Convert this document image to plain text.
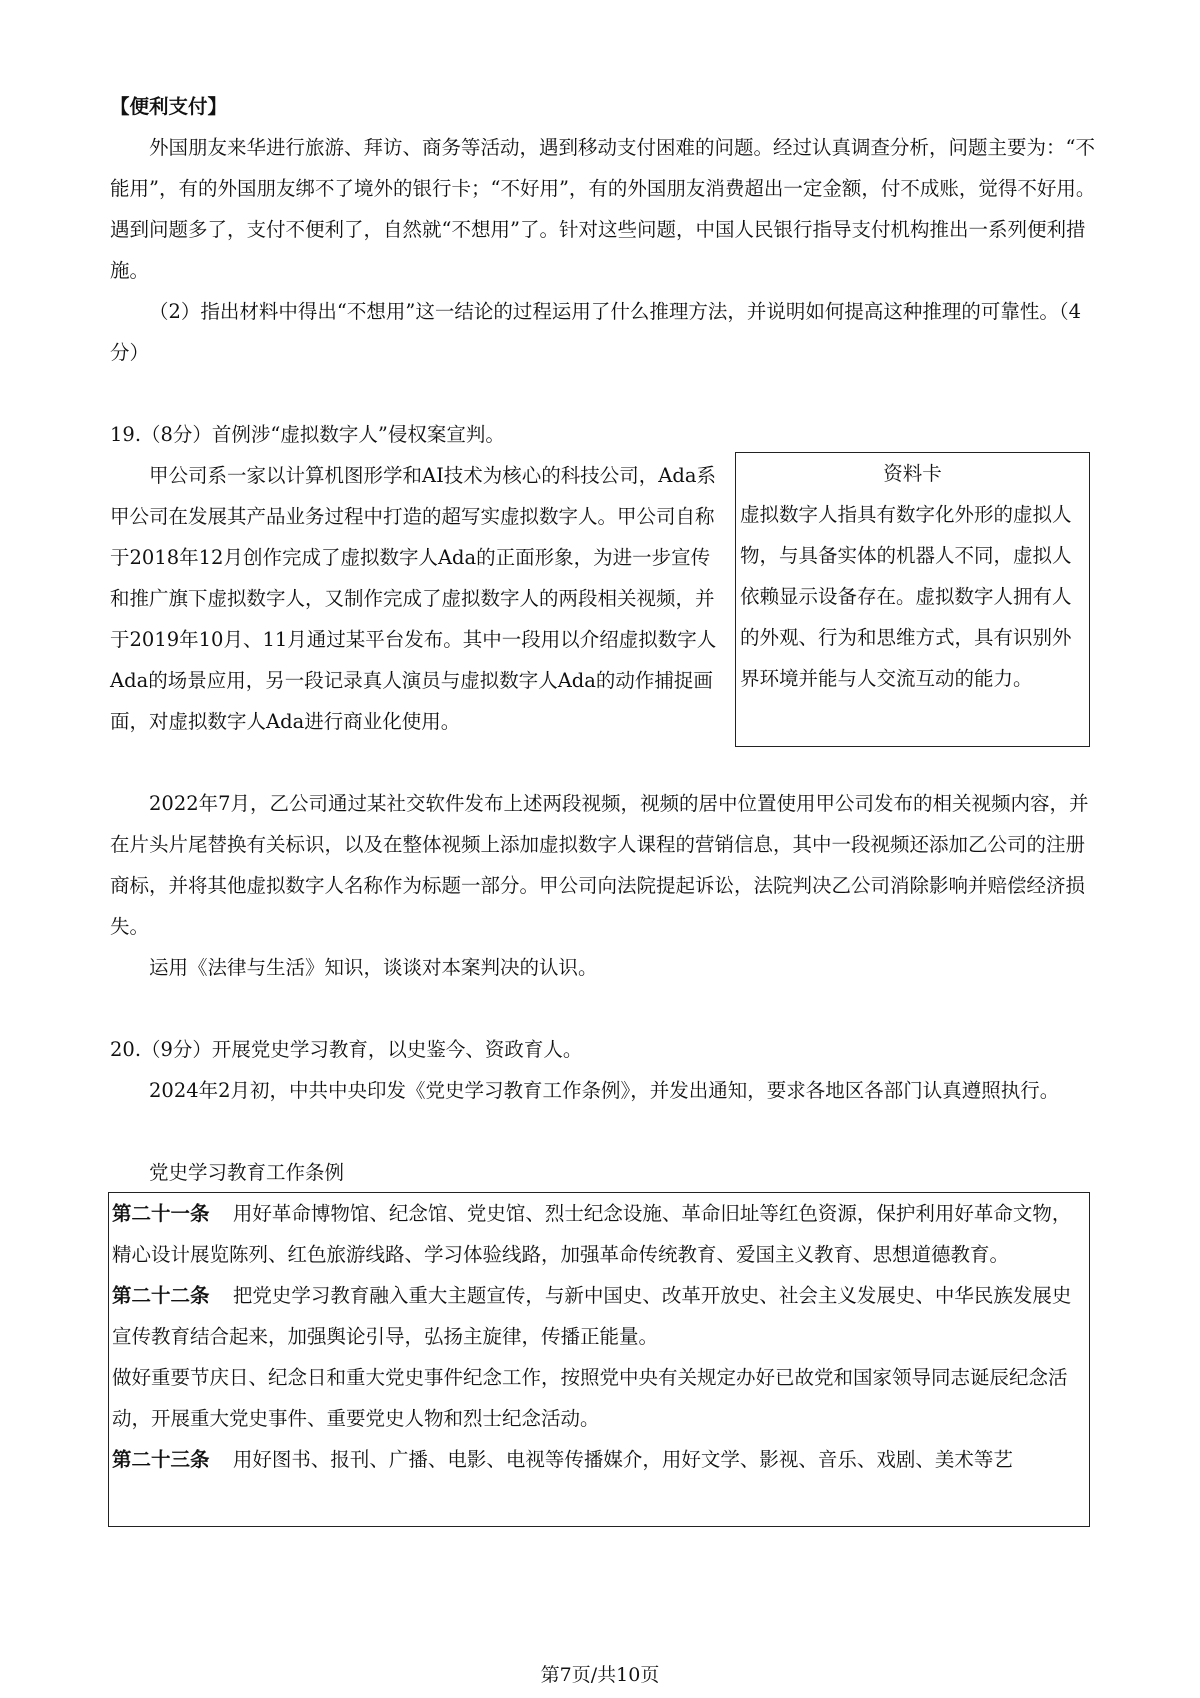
【便利支付】

外国朋友来华进行旅游、拜访、商务等活动，遇到移动支付困难的问题。经过认真调查分析，问题主要为：“不能用”，有的外国朋友绑不了境外的银行卡；“不好用”，有的外国朋友消费超出一定金额，付不成账，觉得不好用。遇到问题多了，支付不便利了，自然就“不想用”了。针对这些问题，中国人民银行指导支付机构推出一系列便利措施。

（2）指出材料中得出“不想用”这一结论的过程运用了什么推理方法，并说明如何提高这种推理的可靠性。（4分）

19.（8分）首例涉“虚拟数字人”侵权案宣判。

甲公司系一家以计算机图形学和AI技术为核心的科技公司，Ada系甲公司在发展其产品业务过程中打造的超写实虚拟数字人。甲公司自称于2018年12月创作完成了虚拟数字人Ada的正面形象，为进一步宣传和推广旗下虚拟数字人，又制作完成了虚拟数字人的两段相关视频，并于2019年10月、11月通过某平台发布。其中一段用以介绍虚拟数字人Ada的场景应用，另一段记录真人演员与虚拟数字人Ada的动作捕捉画面，对虚拟数字人Ada进行商业化使用。

资料卡
虚拟数字人指具有数字化外形的虚拟人物，与具备实体的机器人不同，虚拟人依赖显示设备存在。虚拟数字人拥有人的外观、行为和思维方式，具有识别外界环境并能与人交流互动的能力。

2022年7月，乙公司通过某社交软件发布上述两段视频，视频的居中位置使用甲公司发布的相关视频内容，并在片头片尾替换有关标识，以及在整体视频上添加虚拟数字人课程的营销信息，其中一段视频还添加乙公司的注册商标，并将其他虚拟数字人名称作为标题一部分。甲公司向法院提起诉讼，法院判决乙公司消除影响并赔偿经济损失。

运用《法律与生活》知识，谈谈对本案判决的认识。

20.（9分）开展党史学习教育，以史鉴今、资政育人。

2024年2月初，中共中央印发《党史学习教育工作条例》，并发出通知，要求各地区各部门认真遵照执行。

党史学习教育工作条例

第二十一条 用好革命博物馆、纪念馆、党史馆、烈士纪念设施、革命旧址等红色资源，保护利用好革命文物，精心设计展览陈列、红色旅游线路、学习体验线路，加强革命传统教育、爱国主义教育、思想道德教育。

第二十二条 把党史学习教育融入重大主题宣传，与新中国史、改革开放史、社会主义发展史、中华民族发展史宣传教育结合起来，加强舆论引导，弘扬主旋律，传播正能量。

做好重要节庆日、纪念日和重大党史事件纪念工作，按照党中央有关规定办好已故党和国家领导同志诞辰纪念活动，开展重大党史事件、重要党史人物和烈士纪念活动。

第二十三条 用好图书、报刊、广播、电影、电视等传播媒介，用好文学、影视、音乐、戏剧、美术等艺

第7页/共10页
